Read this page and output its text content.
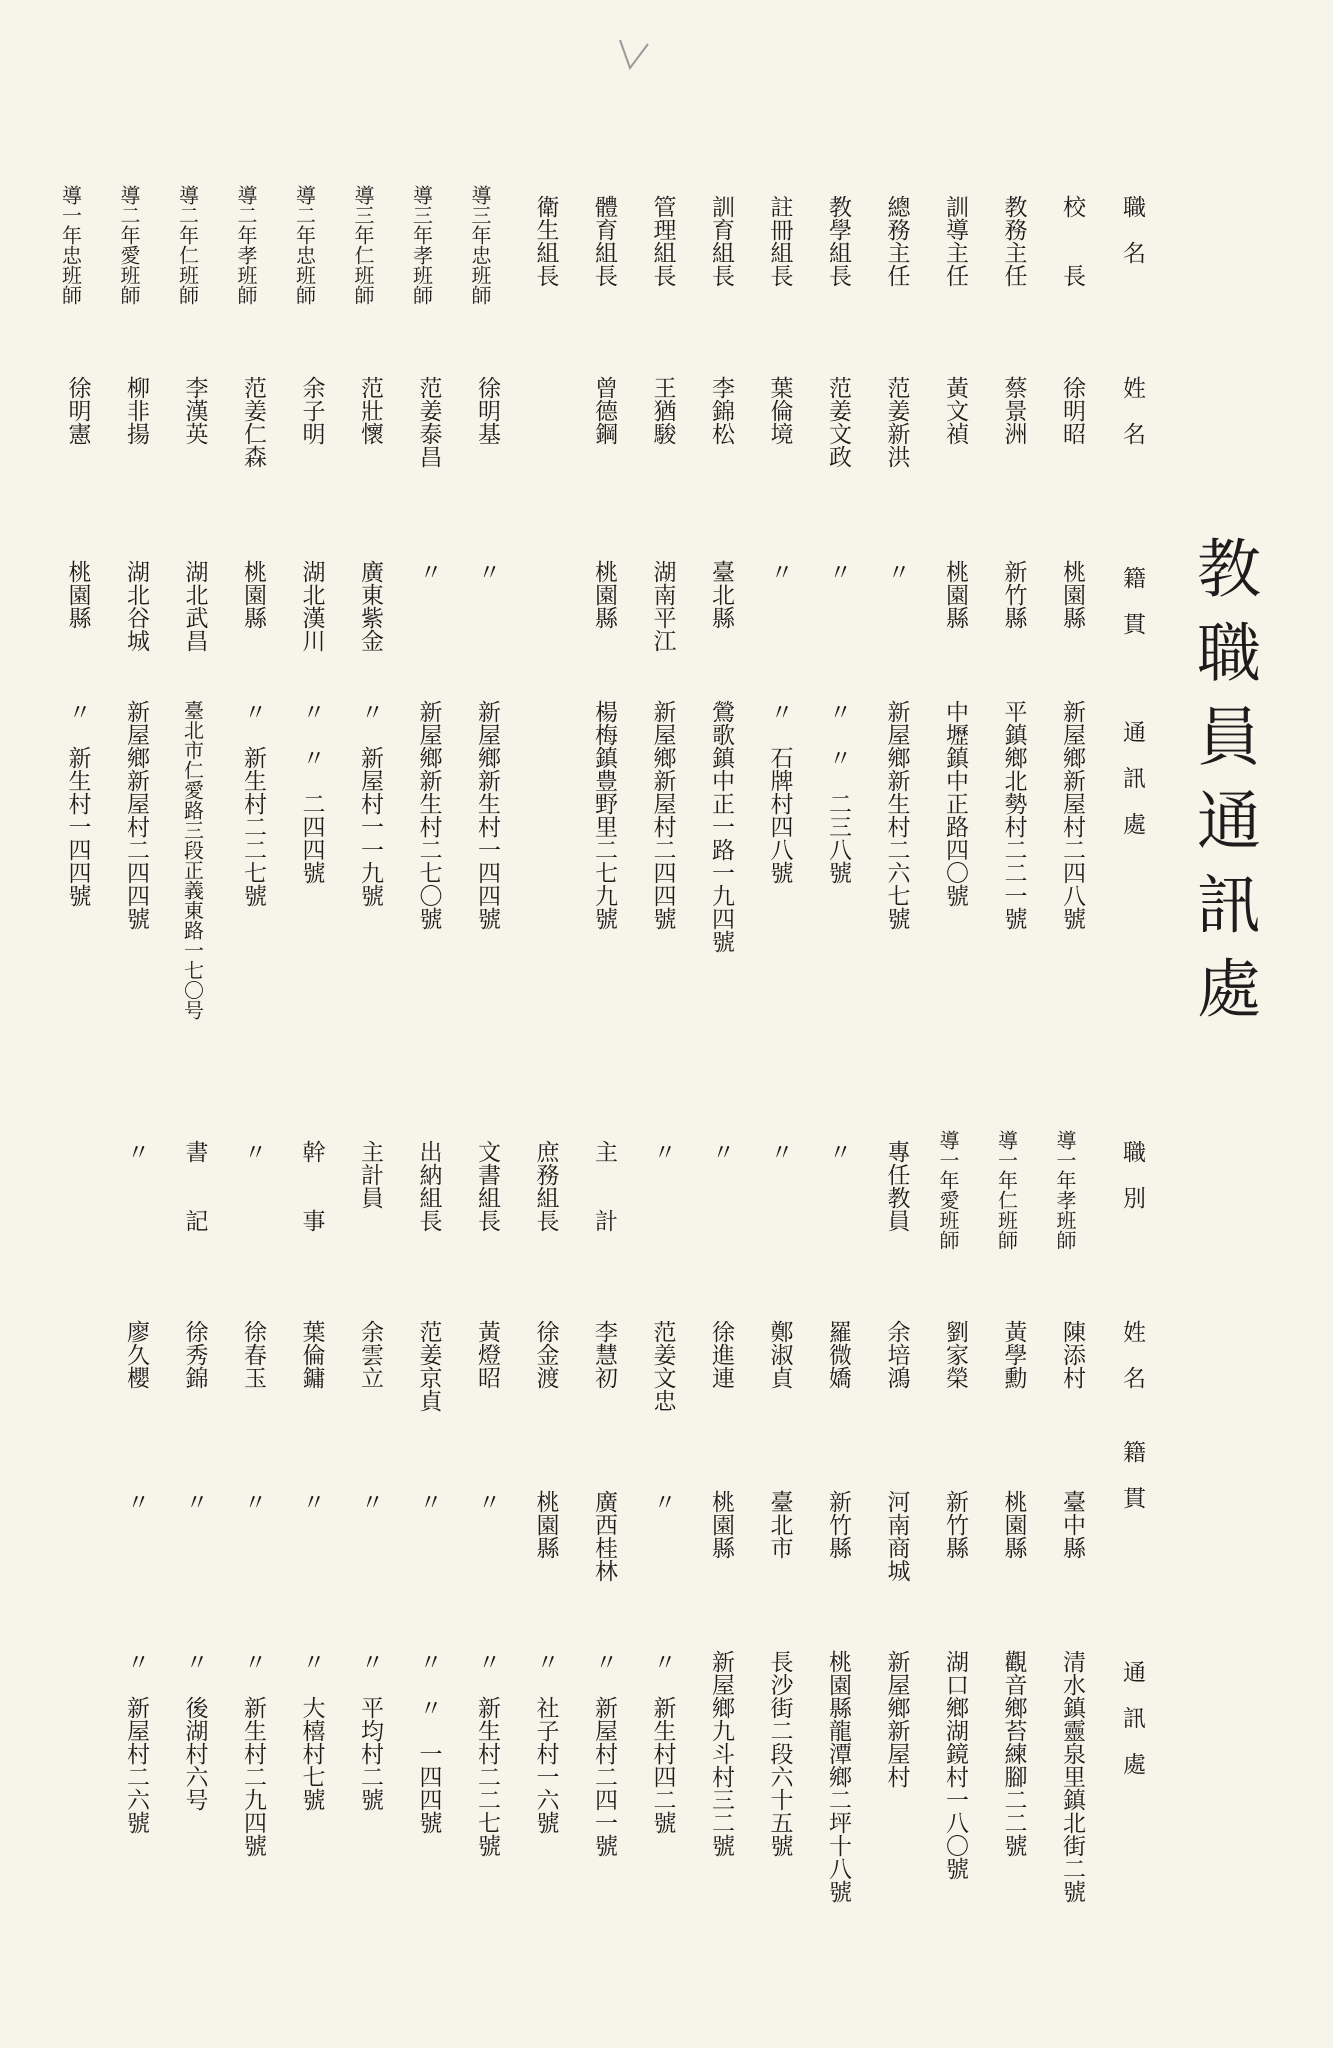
教職員通訊處
職　名
姓　名
籍　貫
通　訊　處
職　別
姓　名
籍　貫
通　訊　處
校　　長
徐明昭
桃園縣
新屋鄉新屋村二四八號
教務主任
蔡景洲
新竹縣
平鎮鄉北勢村二二一號
訓導主任
黃文禎
桃園縣
中壢鎮中正路四〇號
總務主任
范姜新洪
〃
新屋鄉新生村二六七號
教學組長
范姜文政
〃
〃　〃　二三八號
註冊組長
葉倫境
〃
〃　石牌村四八號
訓育組長
李錦松
臺北縣
鶯歌鎮中正一路一九四號
管理組長
王猶駿
湖南平江
新屋鄉新屋村二四四號
體育組長
曾德鋼
桃園縣
楊梅鎮豊野里二七九號
衛生組長
導三年忠班師
徐明基
〃
新屋鄉新生村一四四號
導三年孝班師
范姜泰昌
〃
新屋鄉新生村二七〇號
導三年仁班師
范壯懷
廣東紫金
〃　新屋村一一九號
導二年忠班師
余子明
湖北漢川
〃　〃　二四四號
導二年孝班師
范姜仁森
桃園縣
〃　新生村二二七號
導二年仁班師
李漢英
湖北武昌
臺北市仁愛路三段正義東路一七〇号
導二年愛班師
柳非揚
湖北谷城
新屋鄉新屋村二四四號
導一年忠班師
徐明憲
桃園縣
〃　新生村一四四號
導一年孝班師
陳添村
臺中縣
清水鎮靈泉里鎮北街二號
導一年仁班師
黃學勳
桃園縣
觀音鄉苔練腳二二號
導一年愛班師
劉家榮
新竹縣
湖口鄉湖鏡村一八〇號
專任教員
余培鴻
河南商城
新屋鄉新屋村
〃
羅微嬌
新竹縣
桃園縣龍潭鄉二坪十八號
〃
鄭淑貞
臺北市
長沙街二段六十五號
〃
徐進連
桃園縣
新屋鄉九斗村三二號
〃
范姜文忠
〃
〃　新生村四二號
主　　計
李慧初
廣西桂林
〃　新屋村二四一號
庶務組長
徐金渡
桃園縣
〃　社子村一六號
文書組長
黃燈昭
〃
〃　新生村二二七號
出納組長
范姜京貞
〃
〃　〃　一四四號
主計員
余雲立
〃
〃　平均村二號
幹　　事
葉倫鏞
〃
〃　大橲村七號
〃
徐春玉
〃
〃　新生村二九四號
書　　記
徐秀錦
〃
〃　後湖村六号
〃
廖久櫻
〃
〃　新屋村二六號
